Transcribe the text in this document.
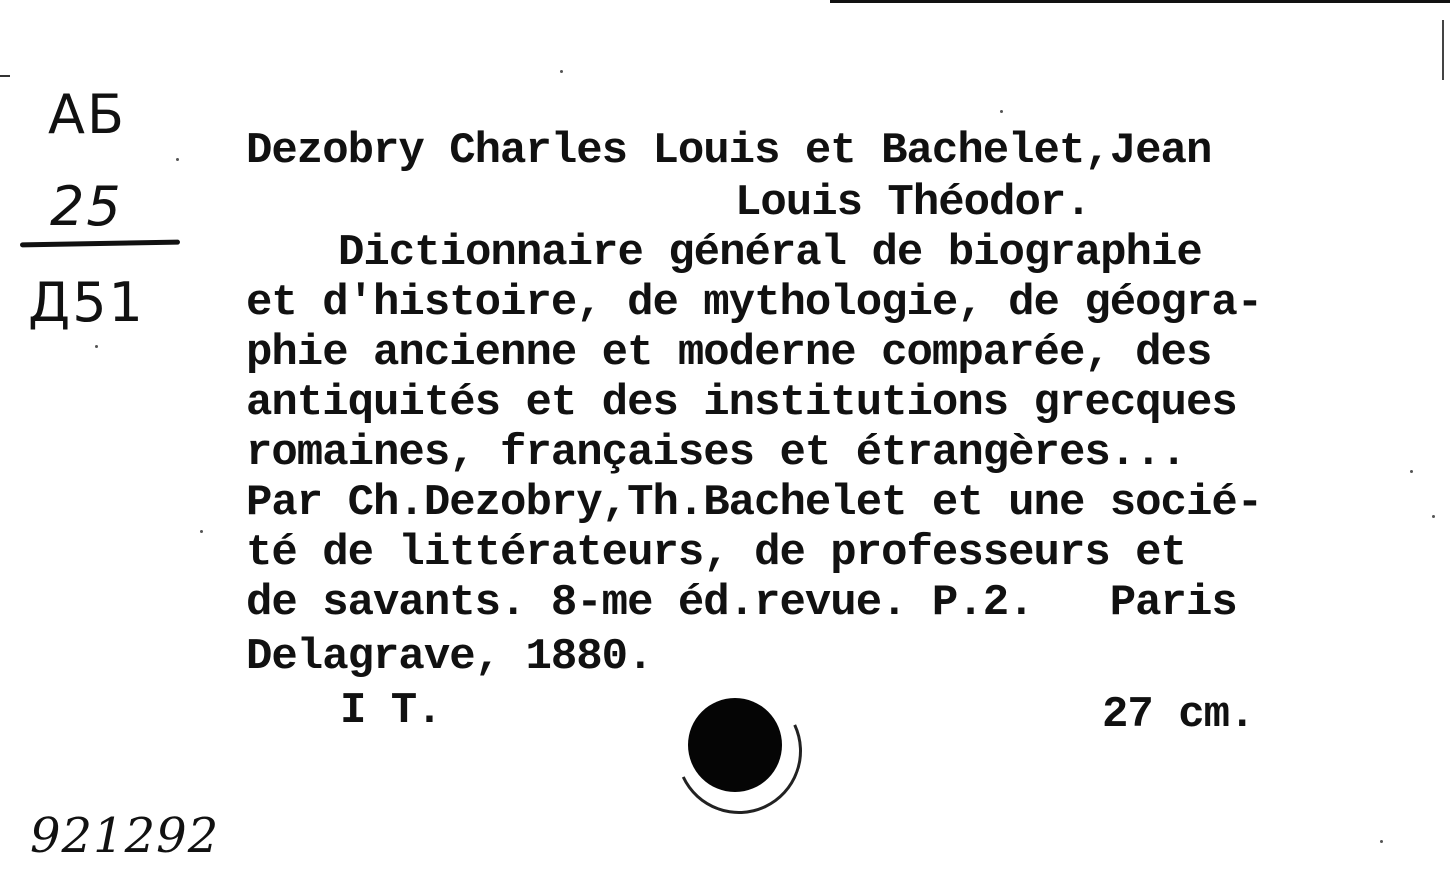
АБ
25
Д51
Dezobry Charles Louis et Bachelet,Jean
Louis Théodor.
Dictionnaire général de biographie
et d'histoire, de mythologie, de géogra-
phie ancienne et moderne comparée, des
antiquités et des institutions grecques
romaines, françaises et étrangères...
Par Ch.Dezobry,Th.Bachelet et une socié-
té de littérateurs, de professeurs et
de savants. 8-me éd.revue. P.2.   Paris
Delagrave, 1880.
I T.	27 cm.
921292
